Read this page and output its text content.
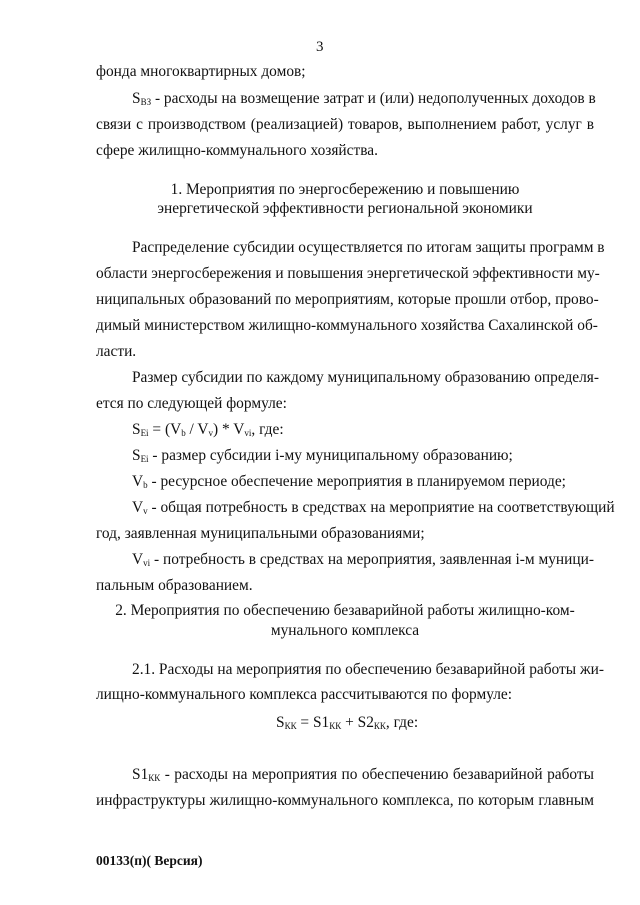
3
фонда многоквартирных домов;
$S_{ВЗ}$ - расходы на возмещение затрат и (или) недополученных доходов в
связи с производством (реализацией) товаров, выполнением работ, услуг в
сфере жилищно-коммунального хозяйства.
1. Мероприятия по энергосбережению и повышению
энергетической эффективности региональной экономики
Распределение субсидии осуществляется по итогам защиты программ в
области энергосбережения и повышения энергетической эффективности му-
ниципальных образований по мероприятиям, которые прошли отбор, прово-
димый министерством жилищно-коммунального хозяйства Сахалинской об-
ласти.
Размер субсидии по каждому муниципальному образованию определя-
ется по следующей формуле:
$S_{Ei} = (V_b / V_v) * V_{vi}$, где:
$S_{Ei}$ - размер субсидии i-му муниципальному образованию;
$V_b$ - ресурсное обеспечение мероприятия в планируемом периоде;
$V_v$ - общая потребность в средствах на мероприятие на соответствующий
год, заявленная муниципальными образованиями;
$V_{vi}$ - потребность в средствах на мероприятия, заявленная i-м муници-
пальным образованием.
2. Мероприятия по обеспечению безаварийной работы жилищно-ком-
мунального комплекса
2.1. Расходы на мероприятия по обеспечению безаварийной работы жи-
лищно-коммунального комплекса рассчитываются по формуле:
$S_{КК} = S1_{КК} + S2_{КК}$, где:
$S1_{КК}$ - расходы на мероприятия по обеспечению безаварийной работы
инфраструктуры жилищно-коммунального комплекса, по которым главным
00133(п)( Версия)
